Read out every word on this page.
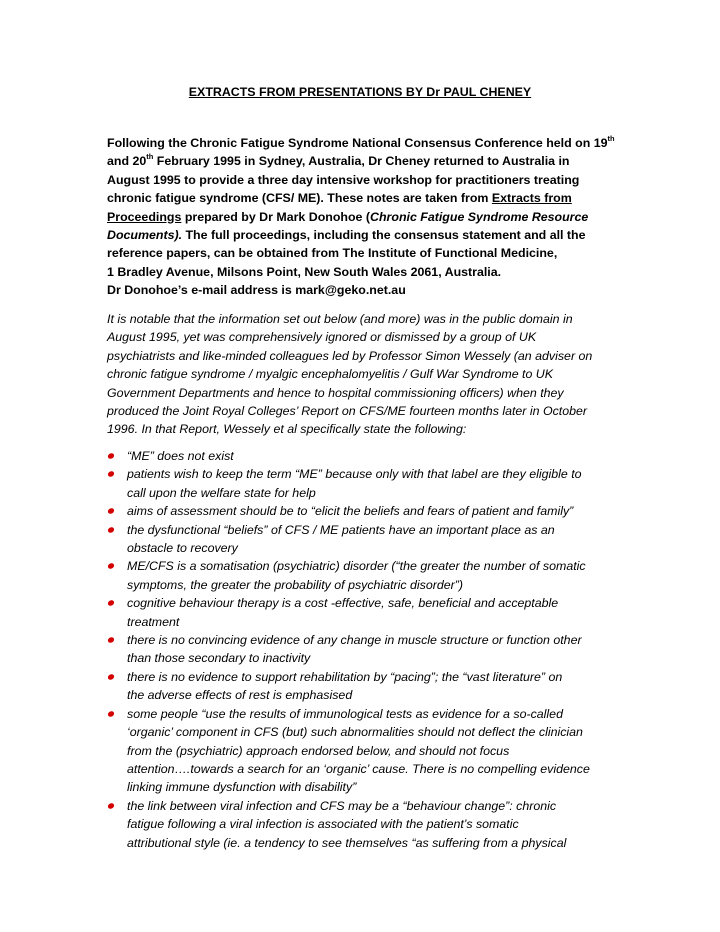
EXTRACTS FROM PRESENTATIONS BY Dr PAUL CHENEY
Following the Chronic Fatigue Syndrome National Consensus Conference held on 19th
and 20th February 1995 in Sydney, Australia, Dr Cheney returned to Australia in
August 1995 to provide a three day intensive workshop for practitioners treating
chronic fatigue syndrome (CFS/ ME). These notes are taken from Extracts from
Proceedings prepared by Dr Mark Donohoe (Chronic Fatigue Syndrome Resource
Documents). The full proceedings, including the consensus statement and all the
reference papers, can be obtained from The Institute of Functional Medicine,
1 Bradley Avenue, Milsons Point, New South Wales 2061, Australia.
Dr Donohoe’s e-mail address is mark@geko.net.au
It is notable that the information set out below (and more) was in the public domain in
August 1995, yet was comprehensively ignored or dismissed by a group of UK
psychiatrists and like-minded colleagues led by Professor Simon Wessely (an adviser on
chronic fatigue syndrome / myalgic encephalomyelitis / Gulf War Syndrome to UK
Government Departments and hence to hospital commissioning officers) when they
produced the Joint Royal Colleges’ Report on CFS/ME fourteen months later in October
1996. In that Report, Wessely et al specifically state the following:
“ME” does not exist
patients wish to keep the term “ME” because only with that label are they eligible to
call upon the welfare state for help
aims of assessment should be to “elicit the beliefs and fears of patient and family”
the dysfunctional “beliefs” of CFS / ME patients have an important place as an
obstacle to recovery
ME/CFS is a somatisation (psychiatric) disorder (“the greater the number of somatic
symptoms, the greater the probability of psychiatric disorder”)
cognitive behaviour therapy is a cost -effective, safe, beneficial and acceptable
treatment
there is no convincing evidence of any change in muscle structure or function other
than those secondary to inactivity
there is no evidence to support rehabilitation by “pacing”; the “vast literature” on
the adverse effects of rest is emphasised
some people “use the results of immunological tests as evidence for a so-called
‘organic’ component in CFS (but) such abnormalities should not deflect the clinician
from the (psychiatric) approach endorsed below, and should not focus
attention….towards a search for an ‘organic’ cause. There is no compelling evidence
linking immune dysfunction with disability”
the link between viral infection and CFS may be a “behaviour change”: chronic
fatigue following a viral infection is associated with the patient’s somatic
attributional style (ie. a tendency to see themselves “as suffering from a physical
